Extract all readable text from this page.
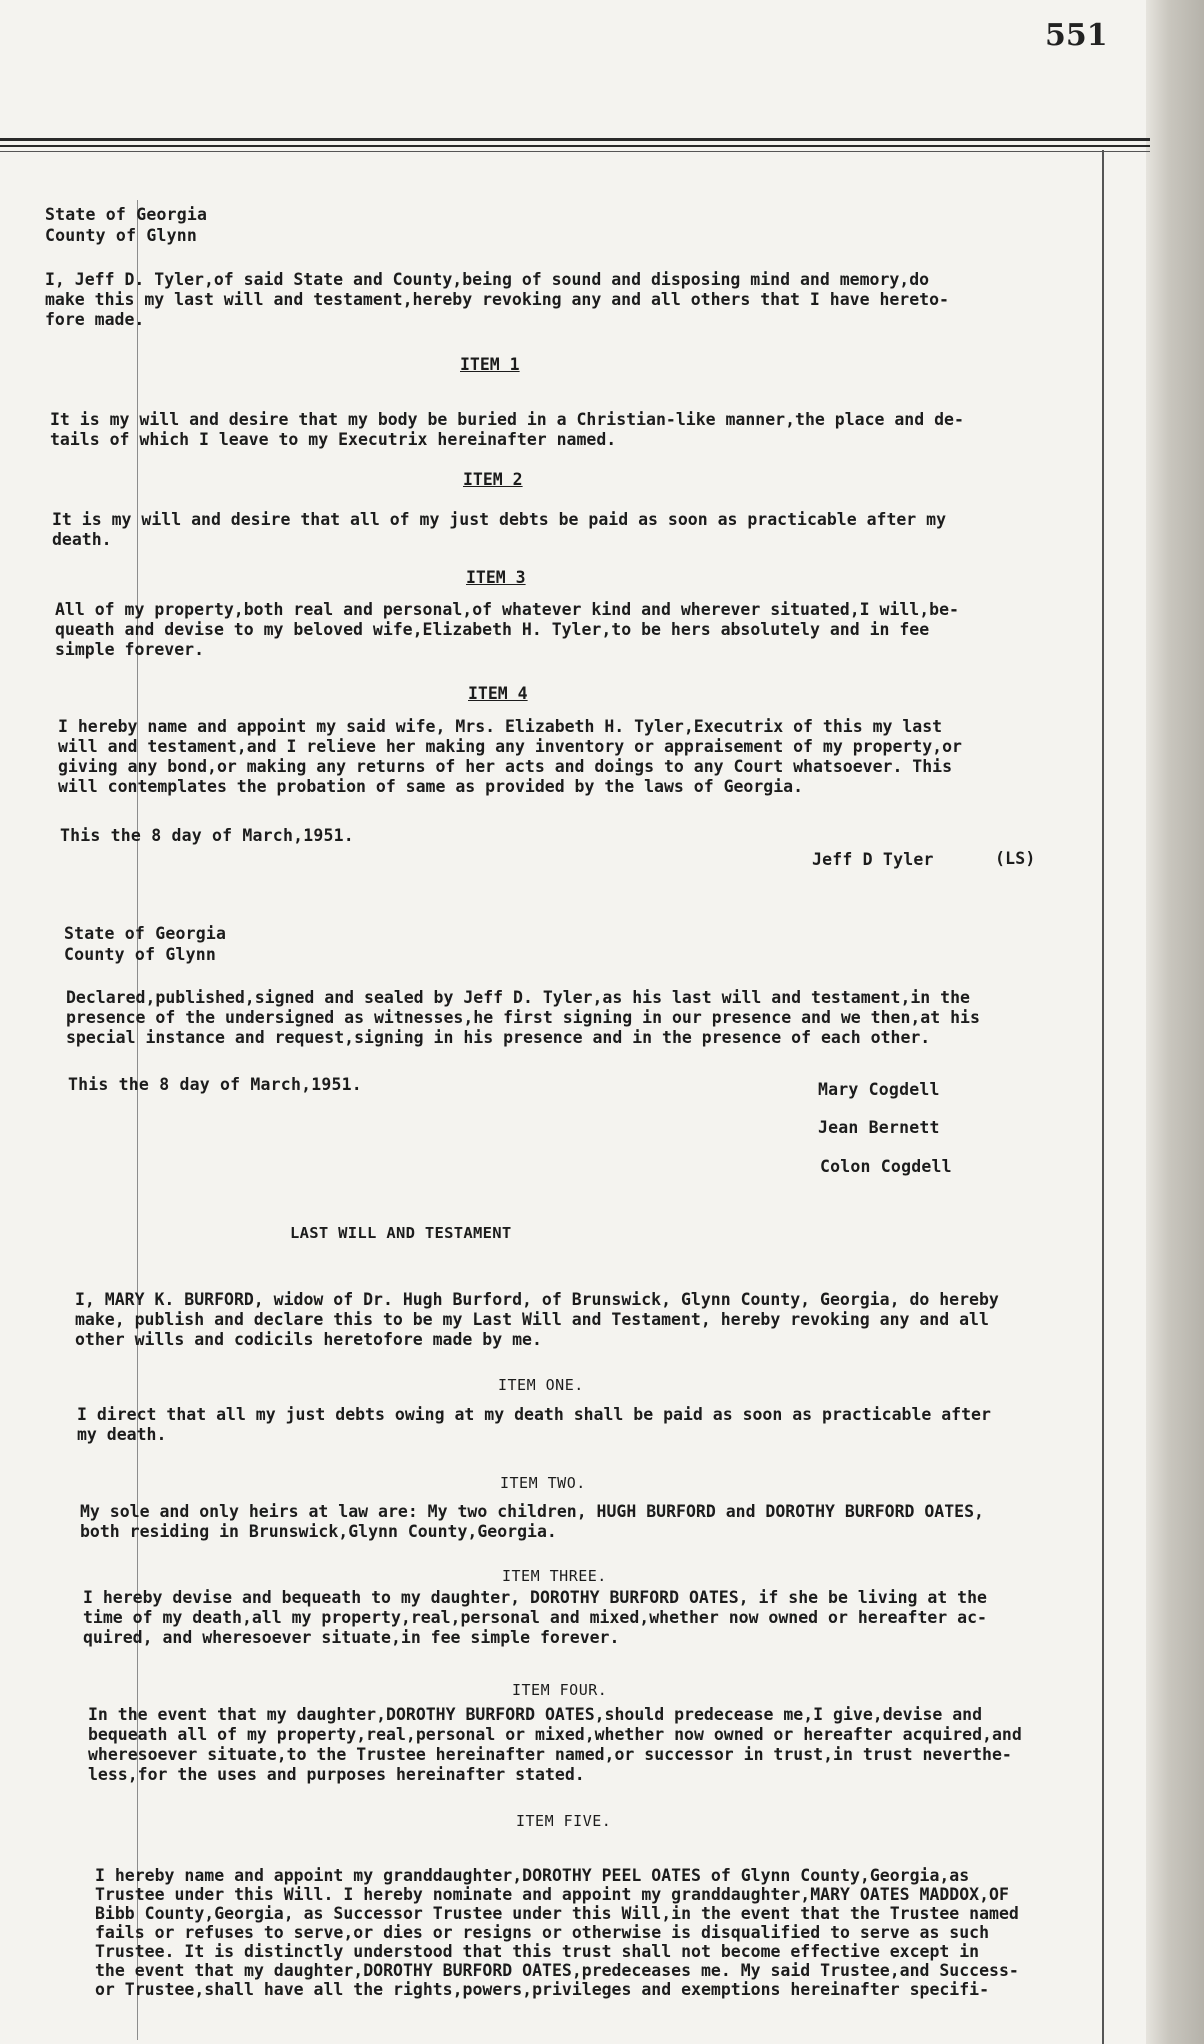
551
State of Georgia
County of Glynn
I, Jeff D. Tyler,of said State and County,being of sound and disposing mind and memory,do
make this my last will and testament,hereby revoking any and all others that I have hereto-
fore made.
ITEM 1
It is my will and desire that my body be buried in a Christian-like manner,the place and de-
tails of which I leave to my Executrix hereinafter named.
ITEM 2
It is my will and desire that all of my just debts be paid as soon as practicable after my
death.
ITEM 3
All of my property,both real and personal,of whatever kind and wherever situated,I will,be-
queath and devise to my beloved wife,Elizabeth H. Tyler,to be hers absolutely and in fee
simple forever.
ITEM 4
I hereby name and appoint my said wife, Mrs. Elizabeth H. Tyler,Executrix of this my last
will and testament,and I relieve her making any inventory or appraisement of my property,or
giving any bond,or making any returns of her acts and doings to any Court whatsoever. This
will contemplates the probation of same as provided by the laws of Georgia.
This the 8 day of March,1951.
Jeff D Tyler	(LS)
State of Georgia
County of Glynn
Declared,published,signed and sealed by Jeff D. Tyler,as his last will and testament,in the
presence of the undersigned as witnesses,he first signing in our presence and we then,at his
special instance and request,signing in his presence and in the presence of each other.
This the 8 day of March,1951.	Mary Cogdell
Jean Bernett
Colon Cogdell
LAST WILL AND TESTAMENT
I, MARY K. BURFORD, widow of Dr. Hugh Burford, of Brunswick, Glynn County, Georgia, do hereby
make, publish and declare this to be my Last Will and Testament, hereby revoking any and all
other wills and codicils heretofore made by me.
ITEM ONE.
I direct that all my just debts owing at my death shall be paid as soon as practicable after
my death.
ITEM TWO.
My sole and only heirs at law are: My two children, HUGH BURFORD and DOROTHY BURFORD OATES,
both residing in Brunswick,Glynn County,Georgia.
ITEM THREE.
I hereby devise and bequeath to my daughter, DOROTHY BURFORD OATES, if she be living at the
time of my death,all my property,real,personal and mixed,whether now owned or hereafter ac-
quired, and wheresoever situate,in fee simple forever.
ITEM FOUR.
In the event that my daughter,DOROTHY BURFORD OATES,should predecease me,I give,devise and
bequeath all of my property,real,personal or mixed,whether now owned or hereafter acquired,and
wheresoever situate,to the Trustee hereinafter named,or successor in trust,in trust neverthe-
less,for the uses and purposes hereinafter stated.
ITEM FIVE.
I hereby name and appoint my granddaughter,DOROTHY PEEL OATES of Glynn County,Georgia,as
Trustee under this Will. I hereby nominate and appoint my granddaughter,MARY OATES MADDOX,OF
Bibb County,Georgia, as Successor Trustee under this Will,in the event that the Trustee named
fails or refuses to serve,or dies or resigns or otherwise is disqualified to serve as such
Trustee. It is distinctly understood that this trust shall not become effective except in
the event that my daughter,DOROTHY BURFORD OATES,predeceases me. My said Trustee,and Success-
or Trustee,shall have all the rights,powers,privileges and exemptions hereinafter specifi-
